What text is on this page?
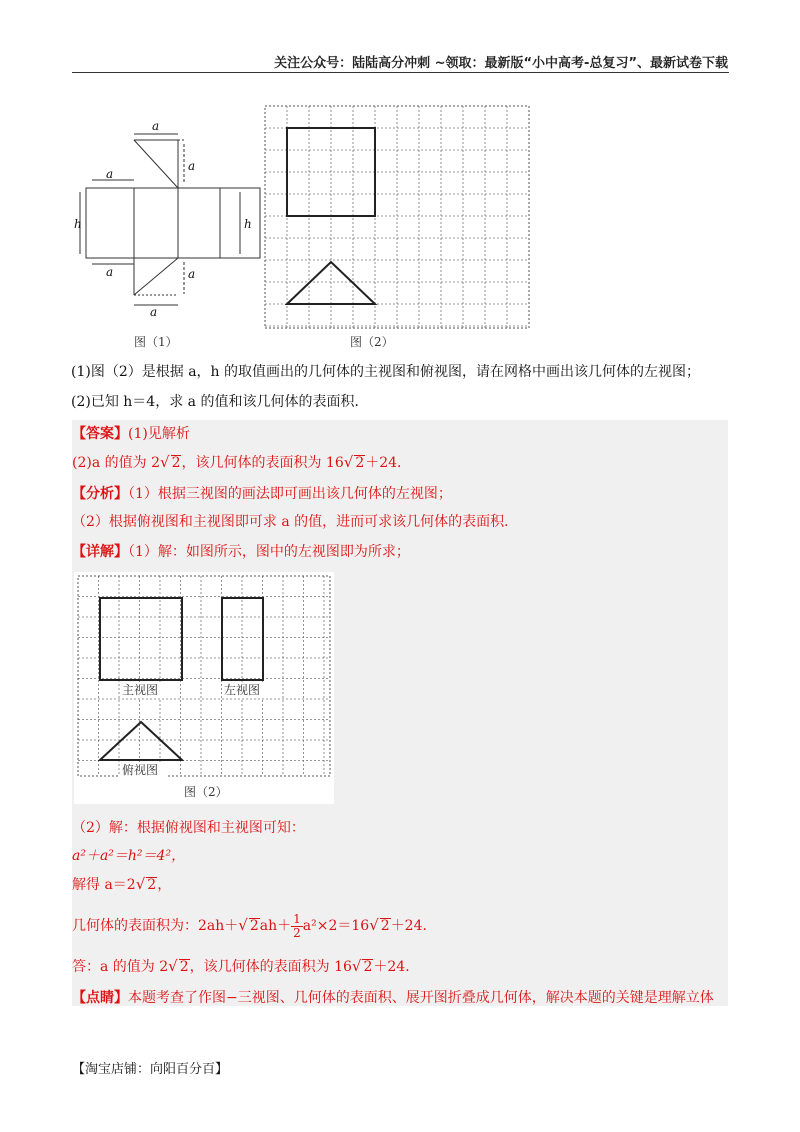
关注公众号：陆陆高分冲刺 ~领取：最新版“小中高考-总复习”、最新试卷下载
a
a
a
h	h
a	a
a
图（1）	图（2）
(1)图（2）是根据 a，h 的取值画出的几何体的主视图和俯视图，请在网格中画出该几何体的左视图；
(2)已知 h＝4，求 a 的值和该几何体的表面积．
【答案】(1)见解析
(2)a 的值为 2√ 2，该几何体的表面积为 16√ 2＋24．
【分析】（1）根据三视图的画法即可画出该几何体的左视图；
（2）根据俯视图和主视图即可求 a 的值，进而可求该几何体的表面积．
【详解】（1）解：如图所示，图中的左视图即为所求；
主视图	左视图
俯视图
图（2）
（2）解：根据俯视图和主视图可知：
a²＋a²＝h²＝4²，
解得 a＝2√ 2，
几何体的表面积为：2ah＋√ $2ah+ \frac{1}{2} a^2\times 2=16√$ 2＋24．
答：a 的值为 2√ 2，该几何体的表面积为 16√ 2＋24．
【点睛】本题考查了作图−三视图、几何体的表面积、展开图折叠成几何体，解决本题的关键是理解立体
【淘宝店铺：向阳百分百】
